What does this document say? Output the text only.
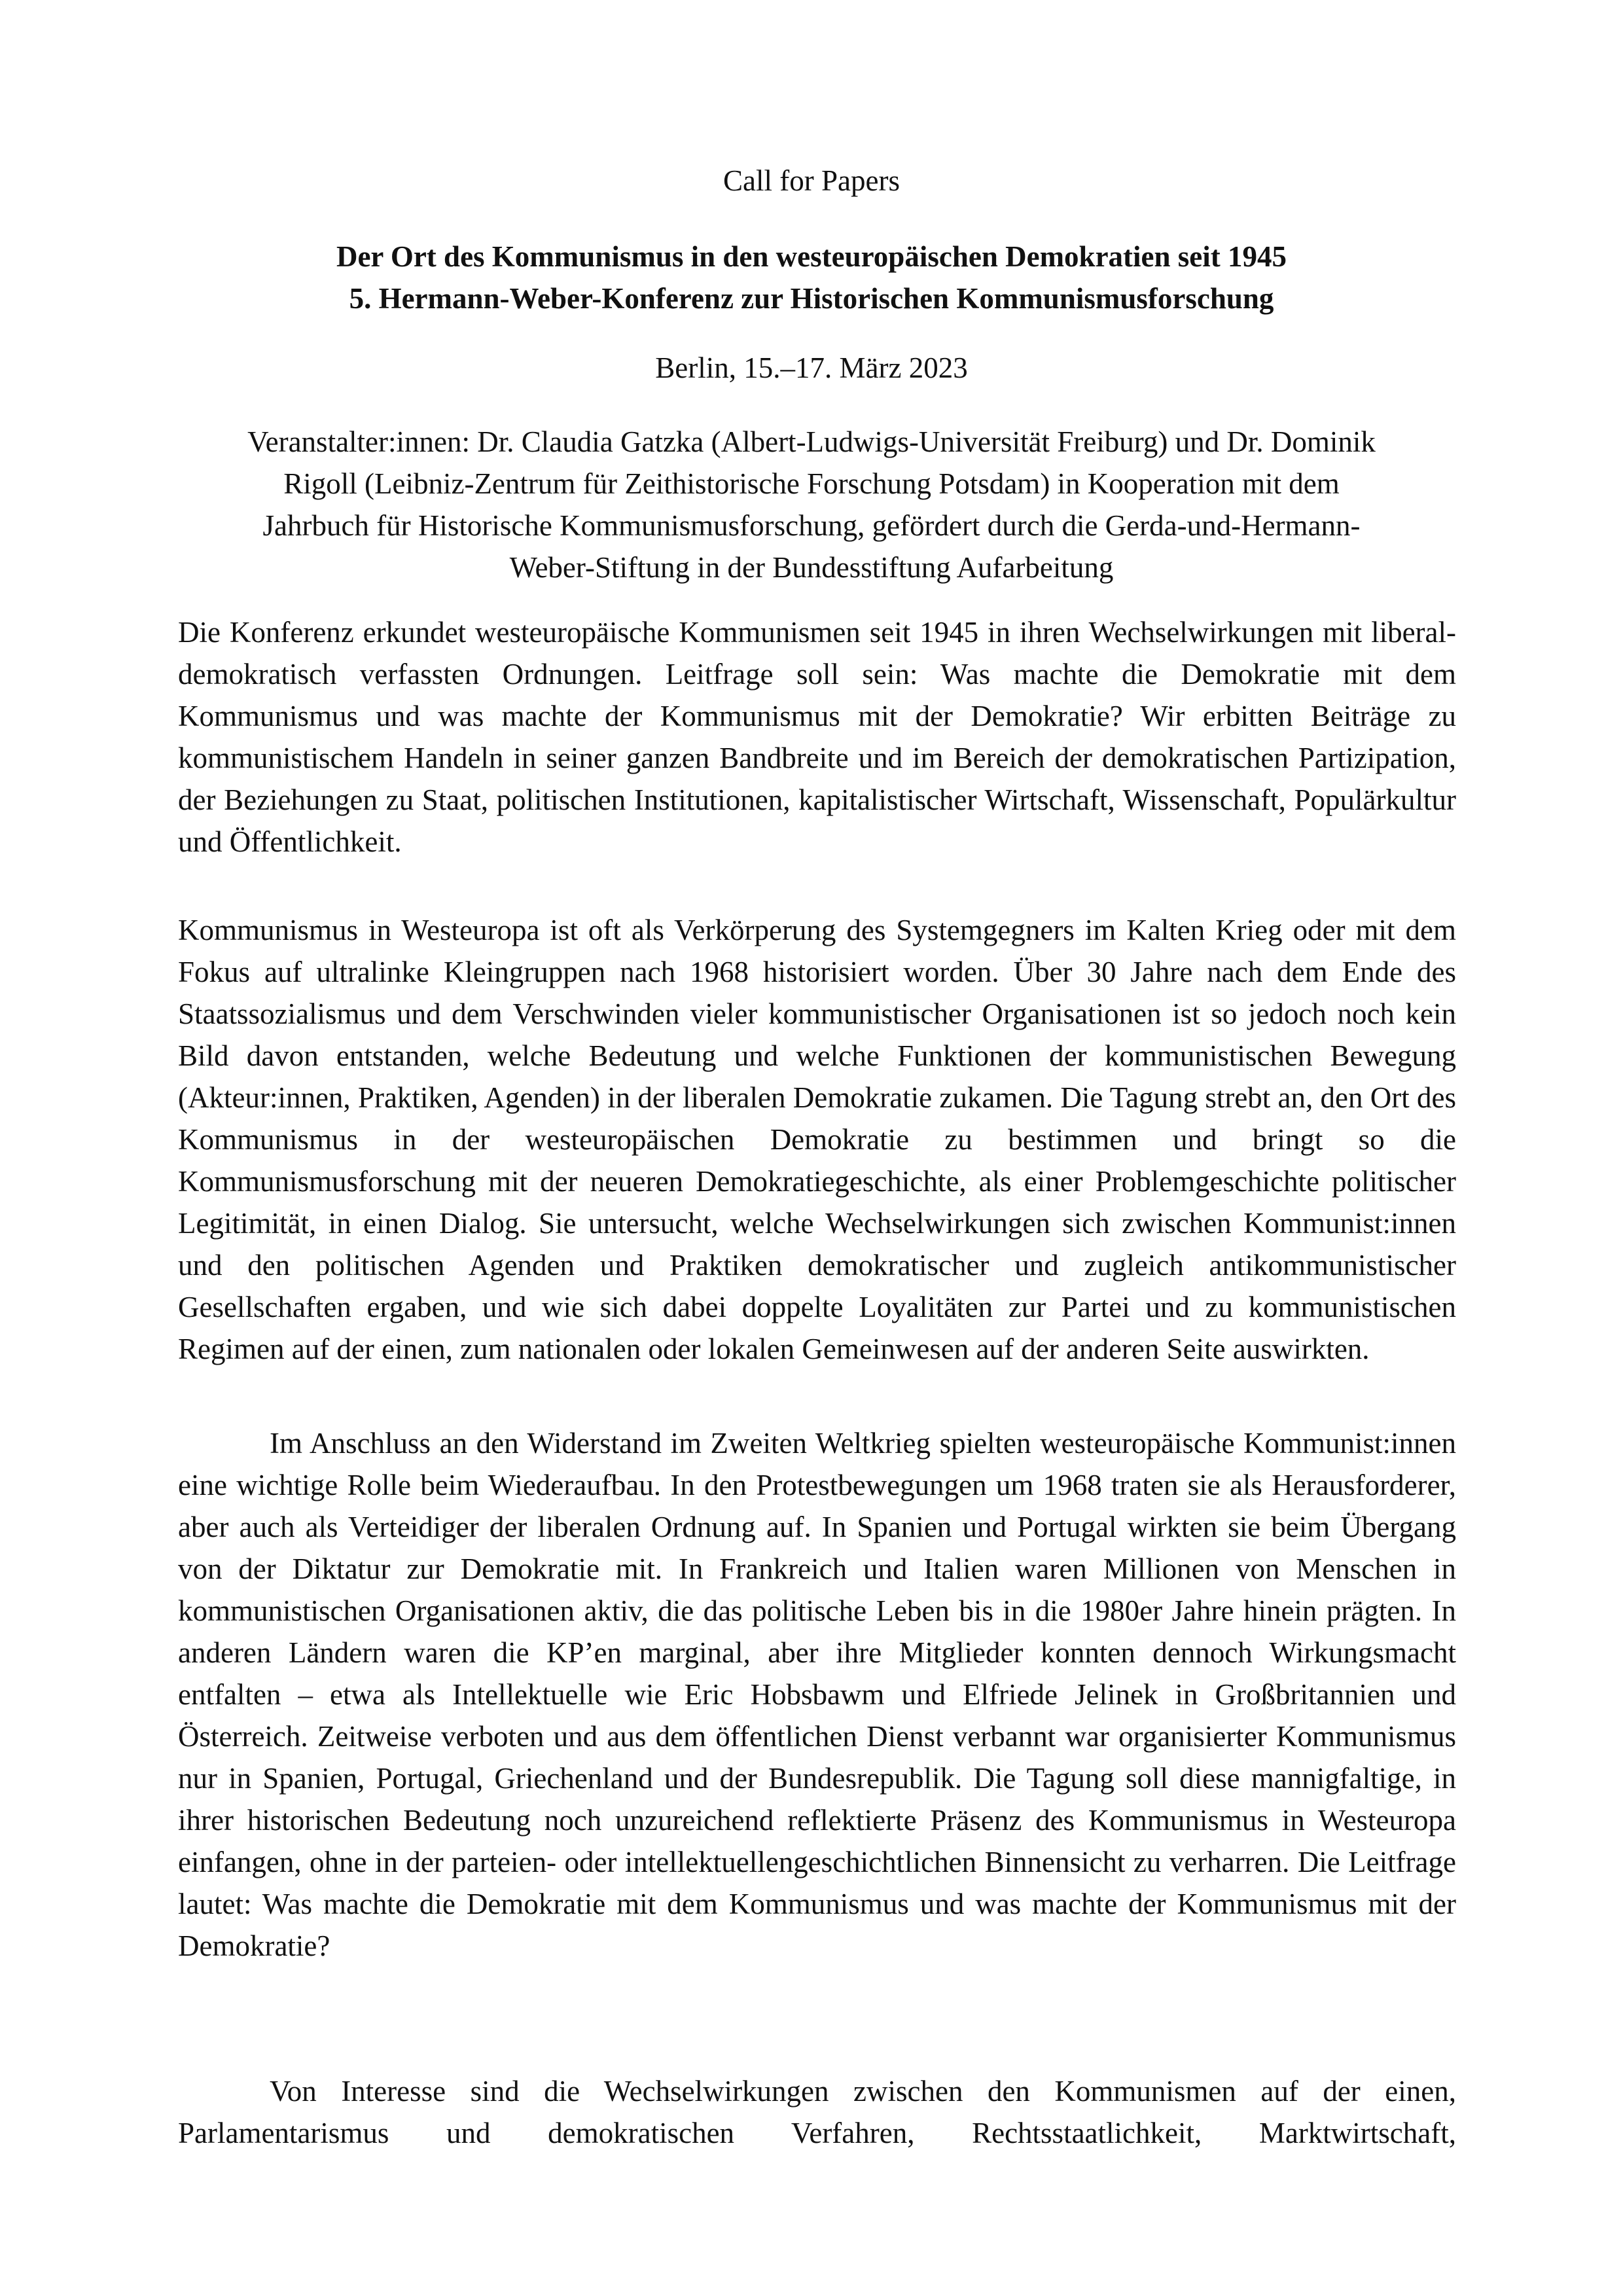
Call for Papers
Der Ort des Kommunismus in den westeuropäischen Demokratien seit 1945
5. Hermann-Weber-Konferenz zur Historischen Kommunismusforschung
Berlin, 15.–17. März 2023
Veranstalter:innen: Dr. Claudia Gatzka (Albert-Ludwigs-Universität Freiburg) und Dr. Dominik
Rigoll (Leibniz-Zentrum für Zeithistorische Forschung Potsdam) in Kooperation mit dem
Jahrbuch für Historische Kommunismusforschung, gefördert durch die Gerda-und-Hermann-
Weber-Stiftung in der Bundesstiftung Aufarbeitung

Die Konferenz erkundet westeuropäische Kommunismen seit 1945 in ihren Wechselwirkungen mit liberal-demokratisch verfassten Ordnungen. Leitfrage soll sein: Was machte die Demokratie mit dem Kommunismus und was machte der Kommunismus mit der Demokratie? Wir erbitten Beiträge zu kommunistischem Handeln in seiner ganzen Bandbreite und im Bereich der demokratischen Partizipation, der Beziehungen zu Staat, politischen Institutionen, kapitalistischer Wirtschaft, Wissenschaft, Populärkultur und Öffentlichkeit.

Kommunismus in Westeuropa ist oft als Verkörperung des Systemgegners im Kalten Krieg oder mit dem Fokus auf ultralinke Kleingruppen nach 1968 historisiert worden. Über 30 Jahre nach dem Ende des Staatssozialismus und dem Verschwinden vieler kommunistischer Organisationen ist so jedoch noch kein Bild davon entstanden, welche Bedeutung und welche Funktionen der kommunistischen Bewegung (Akteur:innen, Praktiken, Agenden) in der liberalen Demokratie zukamen. Die Tagung strebt an, den Ort des Kommunismus in der westeuropäischen Demokratie zu bestimmen und bringt so die Kommunismusforschung mit der neueren Demokratiegeschichte, als einer Problemgeschichte politischer Legitimität, in einen Dialog. Sie untersucht, welche Wechselwirkungen sich zwischen Kommunist:innen und den politischen Agenden und Praktiken demokratischer und zugleich antikommunistischer Gesellschaften ergaben, und wie sich dabei doppelte Loyalitäten zur Partei und zu kommunistischen Regimen auf der einen, zum nationalen oder lokalen Gemeinwesen auf der anderen Seite auswirkten.

Im Anschluss an den Widerstand im Zweiten Weltkrieg spielten westeuropäische Kommunist:innen eine wichtige Rolle beim Wiederaufbau. In den Protestbewegungen um 1968 traten sie als Herausforderer, aber auch als Verteidiger der liberalen Ordnung auf. In Spanien und Portugal wirkten sie beim Übergang von der Diktatur zur Demokratie mit. In Frankreich und Italien waren Millionen von Menschen in kommunistischen Organisationen aktiv, die das politische Leben bis in die 1980er Jahre hinein prägten. In anderen Ländern waren die KP’en marginal, aber ihre Mitglieder konnten dennoch Wirkungsmacht entfalten – etwa als Intellektuelle wie Eric Hobsbawm und Elfriede Jelinek in Großbritannien und Österreich. Zeitweise verboten und aus dem öffentlichen Dienst verbannt war organisierter Kommunismus nur in Spanien, Portugal, Griechenland und der Bundesrepublik. Die Tagung soll diese mannigfaltige, in ihrer historischen Bedeutung noch unzureichend reflektierte Präsenz des Kommunismus in Westeuropa einfangen, ohne in der parteien- oder intellektuellengeschichtlichen Binnensicht zu verharren. Die Leitfrage lautet: Was machte die Demokratie mit dem Kommunismus und was machte der Kommunismus mit der Demokratie?

Von Interesse sind die Wechselwirkungen zwischen den Kommunismen auf der einen, Parlamentarismus und demokratischen Verfahren, Rechtsstaatlichkeit, Marktwirtschaft,
